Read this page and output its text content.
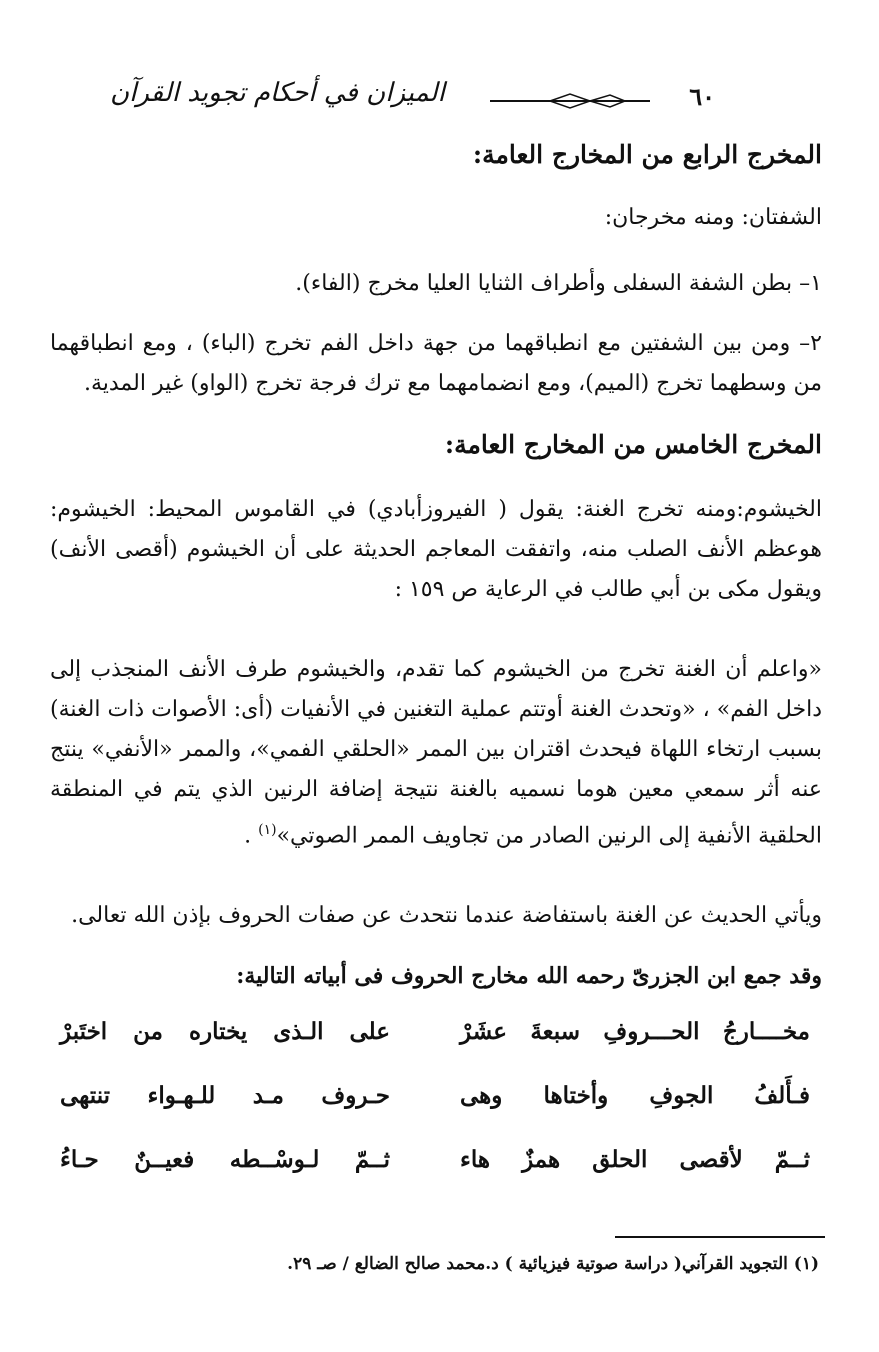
٦٠
الميزان في أحكام تجويد القرآن
المخرج الرابع من المخارج العامة:
الشفتان: ومنه مخرجان:
١– بطن الشفة السفلى وأطراف الثنايا العليا مخرج (الفاء).
٢– ومن بين الشفتين مع انطباقهما من جهة داخل الفم تخرج (الباء) ، ومع انطباقهما من وسطهما تخرج (الميم)، ومع انضمامهما مع ترك فرجة تخرج (الواو) غير المدية.
المخرج الخامس من المخارج العامة:
الخيشوم:ومنه تخرج الغنة: يقول ( الفيروزأبادي) في القاموس المحيط: الخيشوم: هوعظم الأنف الصلب منه، واتفقت المعاجم الحديثة على أن الخيشوم (أقصى الأنف) ويقول مكى بن أبي طالب في الرعاية ص ١٥٩ :
«واعلم أن الغنة تخرج من الخيشوم كما تقدم، والخيشوم طرف الأنف المنجذب إلى داخل الفم» ، «وتحدث الغنة أوتتم عملية التغنين في الأنفيات (أى: الأصوات ذات الغنة) بسبب ارتخاء اللهاة فيحدث اقتران بين الممر «الحلقي الفمي»، والممر «الأنفي» ينتج عنه أثر سمعي معين هوما نسميه بالغنة نتيجة إضافة الرنين الذي يتم في المنطقة الحلقية الأنفية إلى الرنين الصادر من تجاويف الممر الصوتي»$^{(١)}$ .
ويأتي الحديث عن الغنة باستفاضة عندما نتحدث عن صفات الحروف بإذن الله تعالى.
وقد جمع ابن الجزرىّ رحمه الله مخارج الحروف فى أبياته التالية:
مخــــارجُ الحـــروفِ سبعةَ عشَرْ
على الـذى يختاره من اختَبرْ
فـأَلفُ الجوفِ وأختاها وهى
حـروف مـد للـهـواء تنتهى
ثــمّ لأقصى الحلق همزٌ هاء
ثــمّ لـوسْــطه فعيــنٌ حـاءُ
(١) التجويد القرآني( دراسة صوتية فيزيائية ) د.محمد صالح الضالع / صـ ٢٩.
